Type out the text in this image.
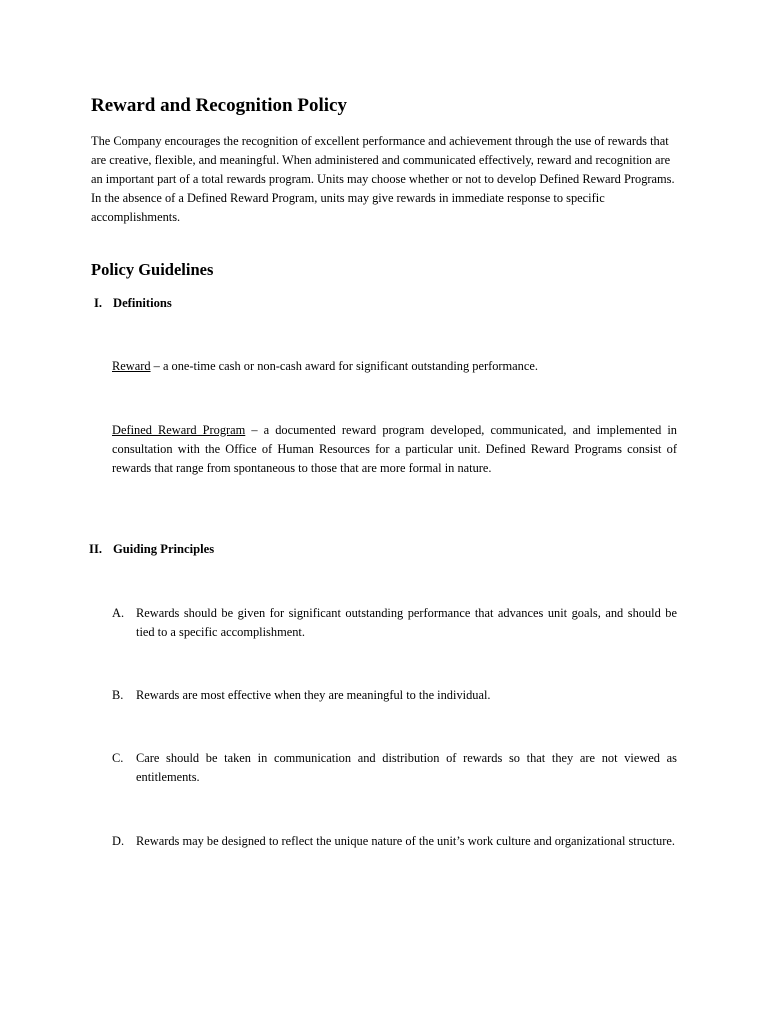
Reward and Recognition Policy

The Company encourages the recognition of excellent performance and achievement through the use of rewards that are creative, flexible, and meaningful. When administered and communicated effectively, reward and recognition are an important part of a total rewards program. Units may choose whether or not to develop Defined Reward Programs. In the absence of a Defined Reward Program, units may give rewards in immediate response to specific accomplishments.

Policy Guidelines
I. Definitions

Reward – a one-time cash or non-cash award for significant outstanding performance.

Defined Reward Program – a documented reward program developed, communicated, and implemented in consultation with the Office of Human Resources for a particular unit. Defined Reward Programs consist of rewards that range from spontaneous to those that are more formal in nature.

II. Guiding Principles
A. Rewards should be given for significant outstanding performance that advances unit goals, and should be tied to a specific accomplishment.
B. Rewards are most effective when they are meaningful to the individual.
C. Care should be taken in communication and distribution of rewards so that they are not viewed as entitlements.
D. Rewards may be designed to reflect the unique nature of the unit’s work culture and organizational structure.
